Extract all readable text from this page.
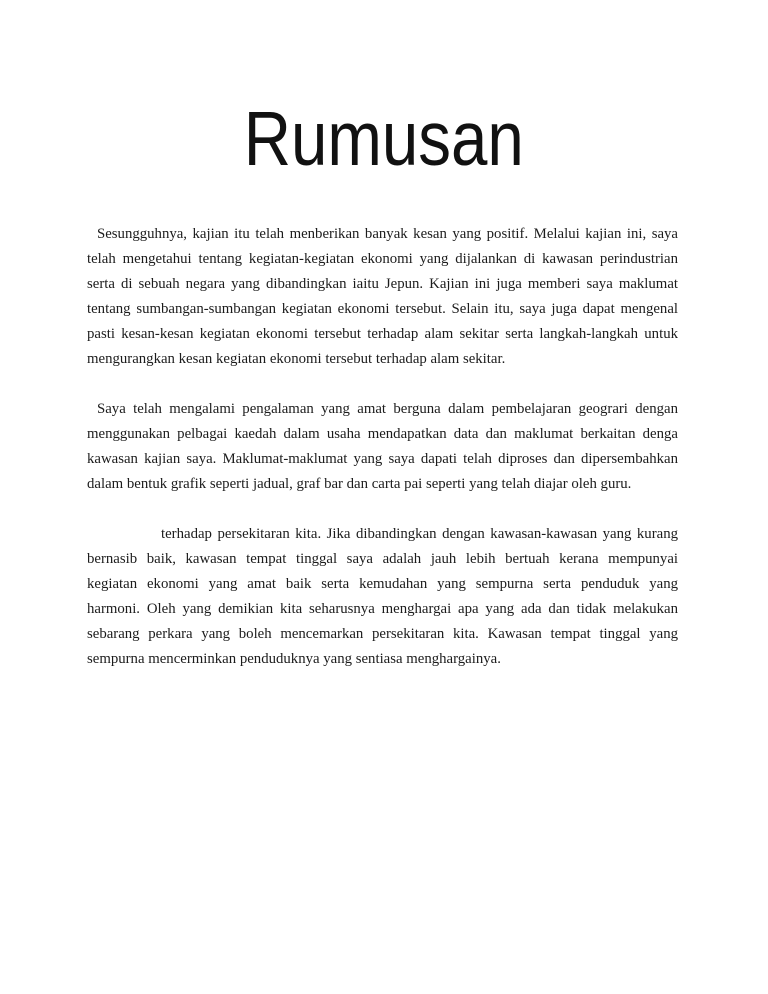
Rumusan

Sesungguhnya, kajian itu telah menberikan banyak kesan yang positif. Melalui kajian ini, saya
telah mengetahui tentang kegiatan-kegiatan ekonomi yang dijalankan di kawasan perindustrian
serta di sebuah negara yang dibandingkan iaitu Jepun. Kajian ini juga memberi saya maklumat
tentang sumbangan-sumbangan kegiatan ekonomi tersebut. Selain itu, saya juga dapat mengenal
pasti kesan-kesan kegiatan ekonomi tersebut terhadap alam sekitar serta langkah-langkah untuk
mengurangkan kesan kegiatan ekonomi tersebut terhadap alam sekitar.

Saya telah mengalami pengalaman yang amat berguna dalam pembelajaran geograri dengan
menggunakan pelbagai kaedah dalam usaha mendapatkan data dan maklumat berkaitan denga
kawasan kajian saya. Maklumat-maklumat yang saya dapati telah diproses dan dipersembahkan
dalam bentuk grafik seperti jadual, graf bar dan carta pai seperti yang telah diajar oleh guru.

terhadap persekitaran kita. Jika dibandingkan dengan kawasan-kawasan yang kurang
bernasib baik, kawasan tempat tinggal saya adalah jauh lebih bertuah kerana mempunyai
kegiatan ekonomi yang amat baik serta kemudahan yang sempurna serta penduduk yang
harmoni. Oleh yang demikian kita seharusnya menghargai apa yang ada dan tidak melakukan
sebarang perkara yang boleh mencemarkan persekitaran kita. Kawasan tempat tinggal yang
sempurna mencerminkan penduduknya yang sentiasa menghargainya.
